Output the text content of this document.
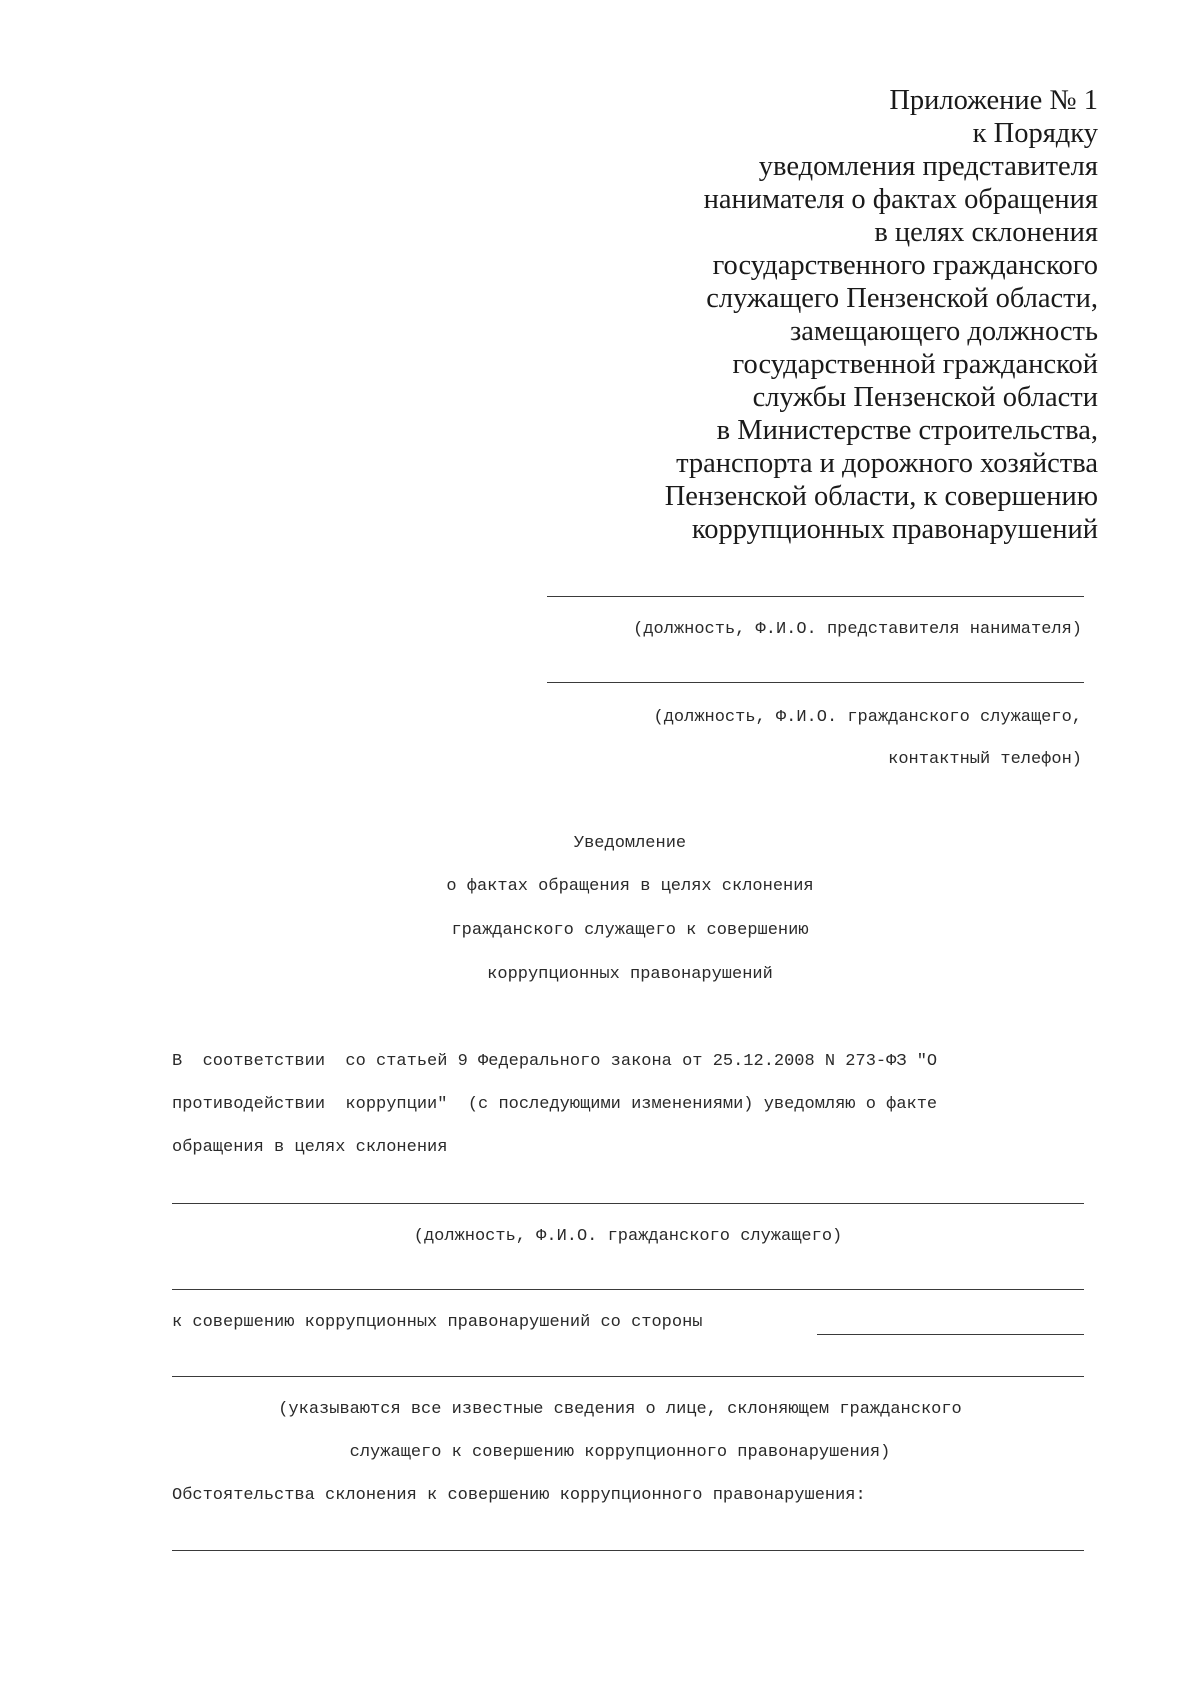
Приложение № 1
к Порядку
уведомления представителя
нанимателя о фактах обращения
в целях склонения
государственного гражданского
служащего Пензенской области,
замещающего должность
государственной гражданской
службы Пензенской области
в Министерстве строительства,
транспорта и дорожного хозяйства
Пензенской области, к совершению
коррупционных правонарушений

(должность, Ф.И.О. представителя нанимателя)

(должность, Ф.И.О. гражданского служащего,

контактный телефон)

Уведомление

о фактах обращения в целях склонения

гражданского служащего к совершению

коррупционных правонарушений

В  соответствии  со статьей 9 Федерального закона от 25.12.2008 N 273-ФЗ "О

противодействии  коррупции"  (с последующими изменениями) уведомляю о факте

обращения в целях склонения

(должность, Ф.И.О. гражданского служащего)

к совершению коррупционных правонарушений со стороны

(указываются все известные сведения о лице, склоняющем гражданского

служащего к совершению коррупционного правонарушения)

Обстоятельства склонения к совершению коррупционного правонарушения:
